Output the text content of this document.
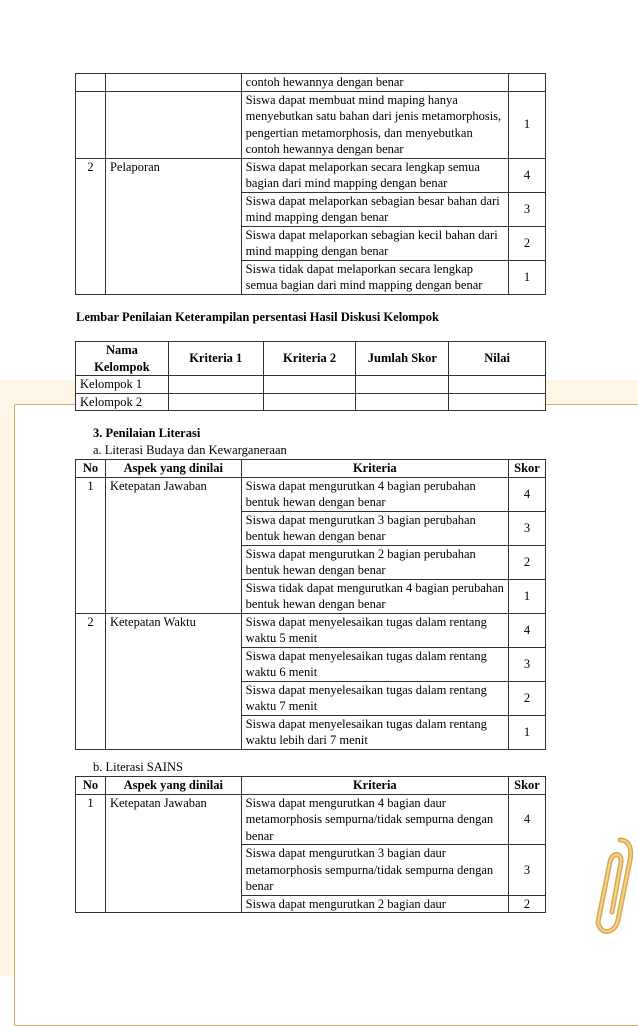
		contoh hewannya dengan benar	
		Siswa dapat membuat mind maping hanya menyebutkan satu bahan dari jenis metamorphosis, pengertian metamorphosis, dan menyebutkan contoh hewannya dengan benar	1
2	Pelaporan	Siswa dapat melaporkan secara lengkap semua bagian dari mind mapping dengan benar	4
		Siswa dapat melaporkan sebagian besar bahan dari mind mapping dengan benar	3
		Siswa dapat melaporkan sebagian kecil bahan dari mind mapping dengan benar	2
		Siswa tidak dapat melaporkan secara lengkap semua bagian dari mind mapping dengan benar	1
Lembar Penilaian Keterampilan persentasi Hasil Diskusi Kelompok
Nama Kelompok	Kriteria 1	Kriteria 2	Jumlah Skor	Nilai
Kelompok 1				
Kelompok 2				
3. Penilaian Literasi
a. Literasi Budaya dan Kewarganeraan
No	Aspek yang dinilai	Kriteria	Skor
1	Ketepatan Jawaban	Siswa dapat mengurutkan 4 bagian perubahan bentuk hewan dengan benar	4
		Siswa dapat mengurutkan 3 bagian perubahan bentuk hewan dengan benar	3
		Siswa dapat mengurutkan 2 bagian perubahan bentuk hewan dengan benar	2
		Siswa tidak dapat mengurutkan 4 bagian perubahan bentuk hewan dengan benar	1
2	Ketepatan Waktu	Siswa dapat menyelesaikan tugas dalam rentang waktu 5 menit	4
		Siswa dapat menyelesaikan tugas dalam rentang waktu 6 menit	3
		Siswa dapat menyelesaikan tugas dalam rentang waktu 7 menit	2
		Siswa dapat menyelesaikan tugas dalam rentang waktu lebih dari 7 menit	1
b. Literasi SAINS
No	Aspek yang dinilai	Kriteria	Skor
1	Ketepatan Jawaban	Siswa dapat mengurutkan 4 bagian daur metamorphosis sempurna/tidak sempurna dengan benar	4
		Siswa dapat mengurutkan 3 bagian daur metamorphosis sempurna/tidak sempurna dengan benar	3
		Siswa dapat mengurutkan 2 bagian daur	2
